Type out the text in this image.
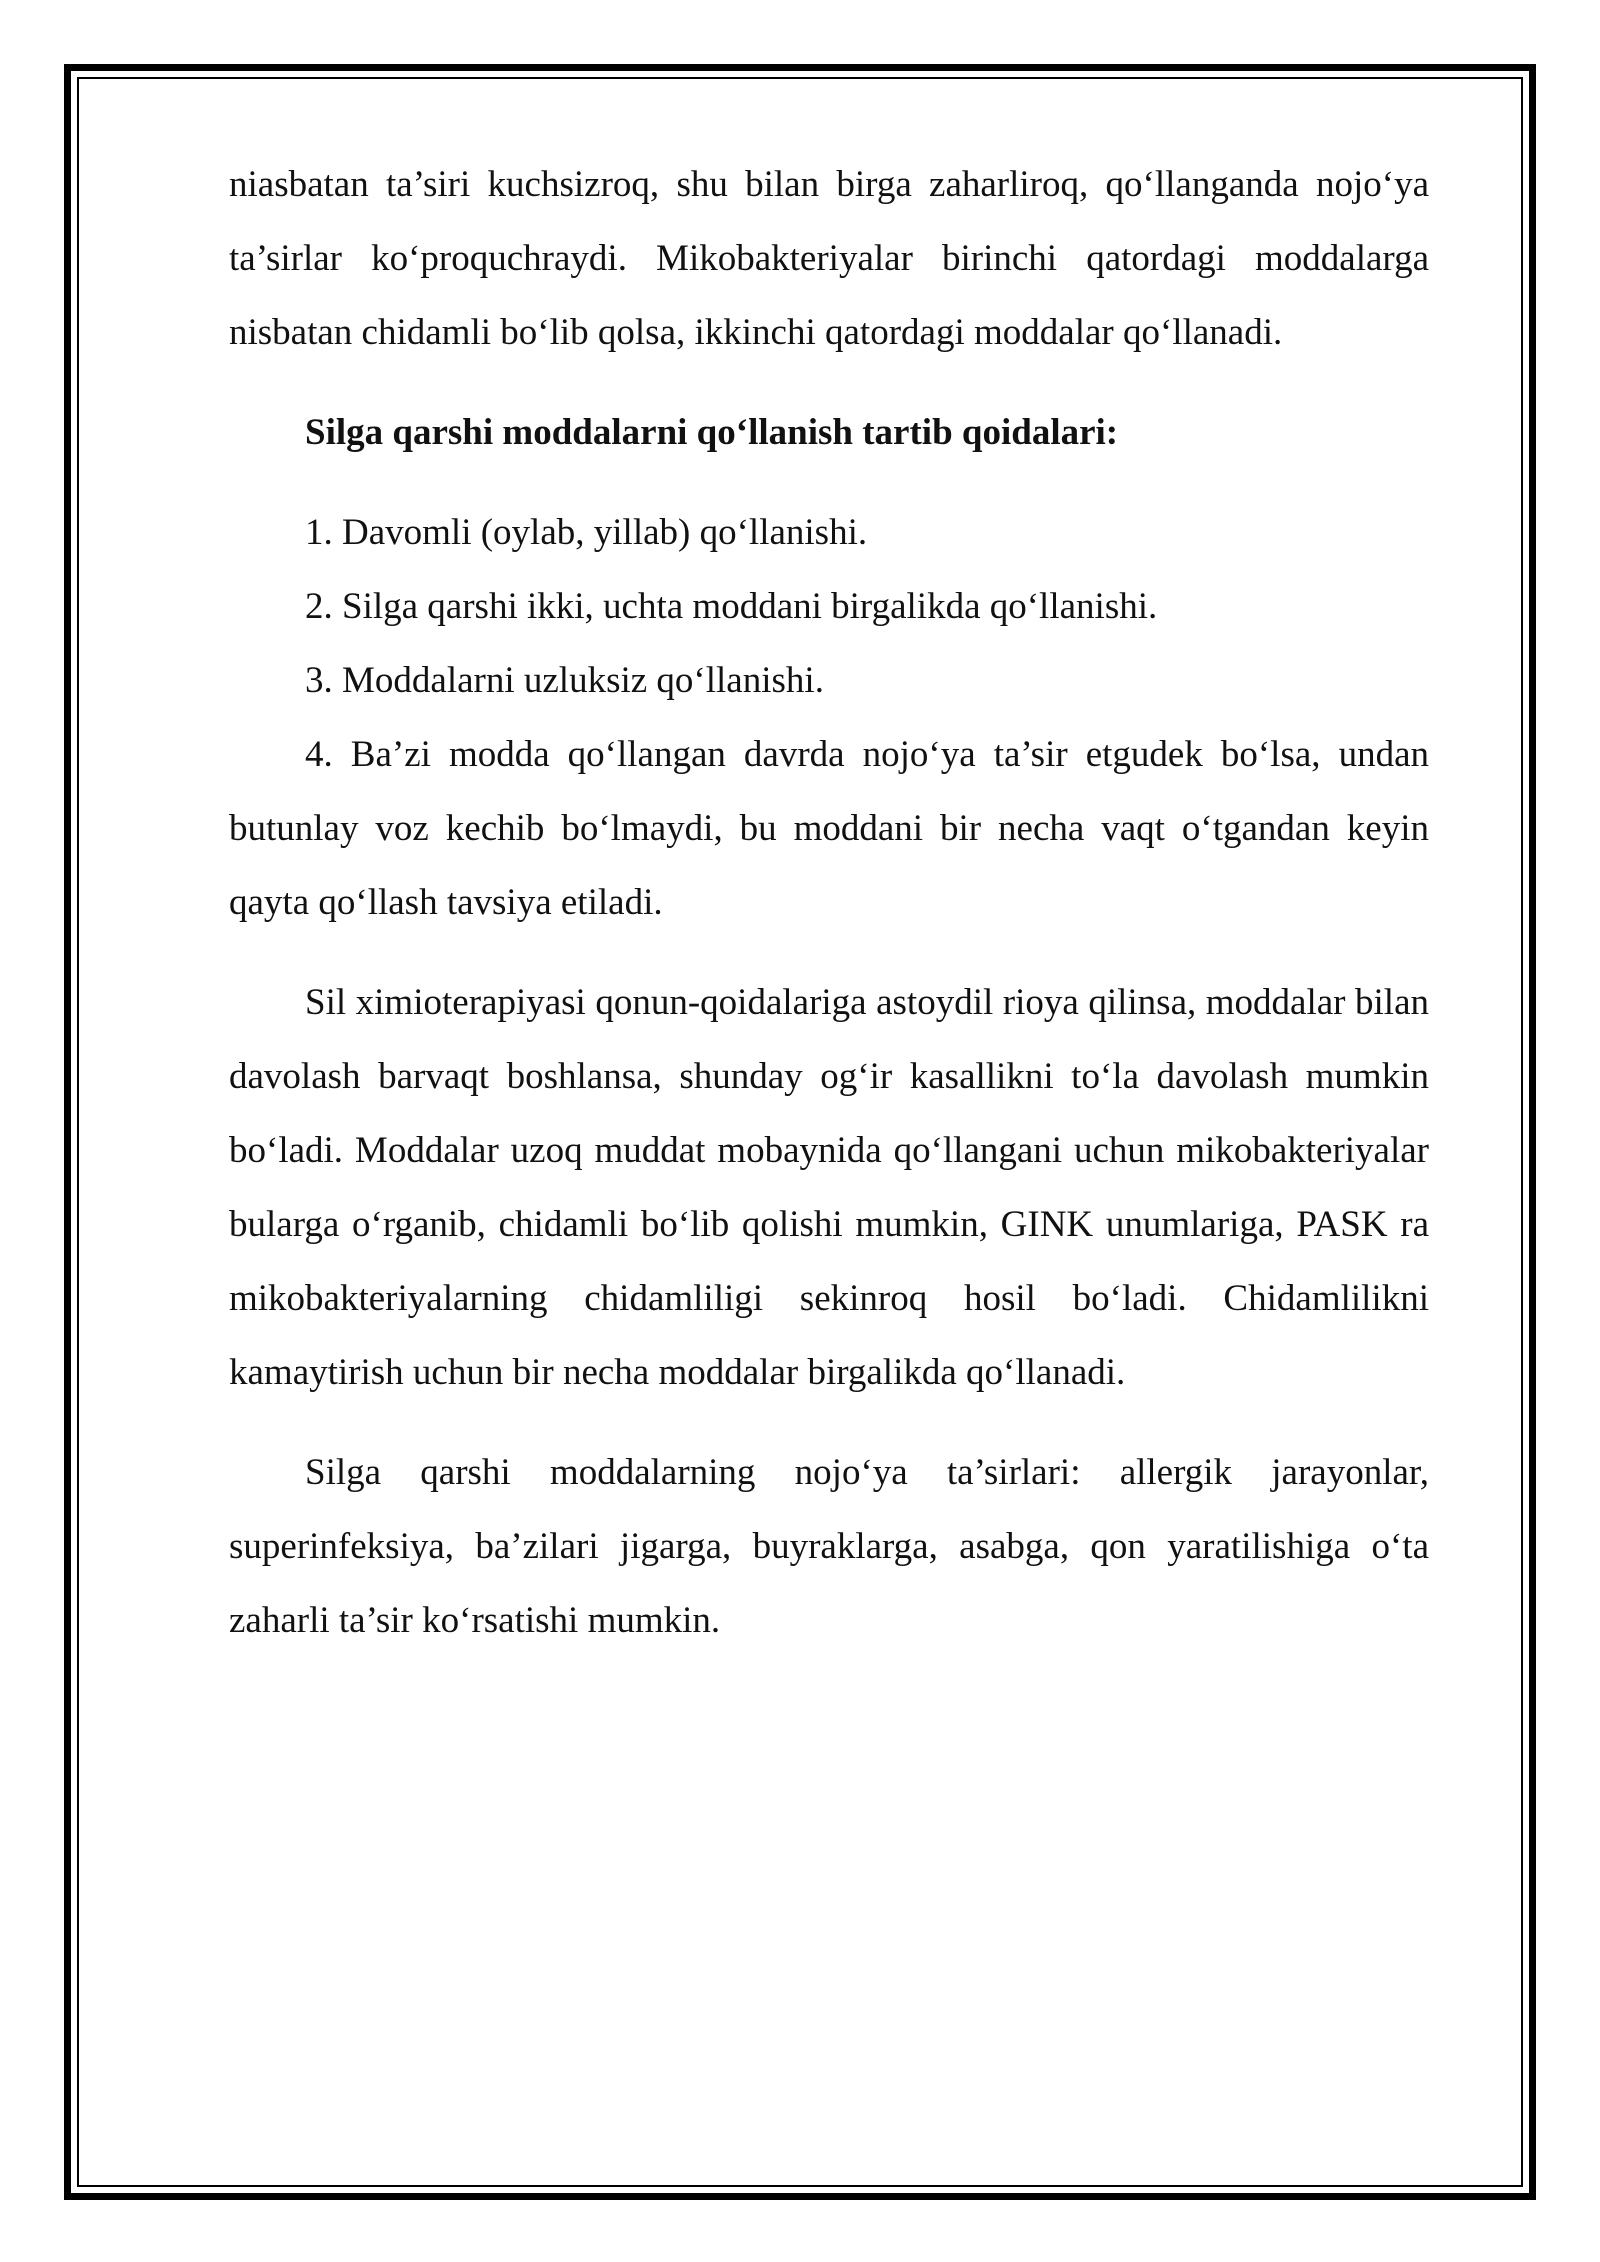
niasbatan ta’siri kuchsizroq, shu bilan birga zaharliroq, qo‘llanganda nojo‘ya ta’sirlar ko‘proquchraydi. Mikobakteriyalar birinchi qatordagi moddalarga nisbatan chidamli bo‘lib qolsa, ikkinchi qatordagi moddalar qo‘llanadi.

Silga qarshi moddalarni qo‘llanish tartib qoidalari:

1. Davomli (oylab, yillab) qo‘llanishi.
2. Silga qarshi ikki, uchta moddani birgalikda qo‘llanishi.
3. Moddalarni uzluksiz qo‘llanishi.
4. Ba’zi modda qo‘llangan davrda nojo‘ya ta’sir etgudek bo‘lsa, undan butunlay voz kechib bo‘lmaydi, bu moddani bir necha vaqt o‘tgandan keyin qayta qo‘llash tavsiya etiladi.

Sil ximioterapiyasi qonun-qoidalariga astoydil rioya qilinsa, moddalar bilan davolash barvaqt boshlansa, shunday og‘ir kasallikni to‘la davolash mumkin bo‘ladi. Moddalar uzoq muddat mobaynida qo‘llangani uchun mikobakteriyalar bularga o‘rganib, chidamli bo‘lib qolishi mumkin, GINK unumlariga, PASK ra mikobakteriyalarning chidamliligi sekinroq hosil bo‘ladi. Chidamlilikni kamaytirish uchun bir necha moddalar birgalikda qo‘llanadi.

Silga qarshi moddalarning nojo‘ya ta’sirlari: allergik jarayonlar, superinfeksiya, ba’zilari jigarga, buyraklarga, asabga, qon yaratilishiga o‘ta zaharli ta’sir ko‘rsatishi mumkin.
